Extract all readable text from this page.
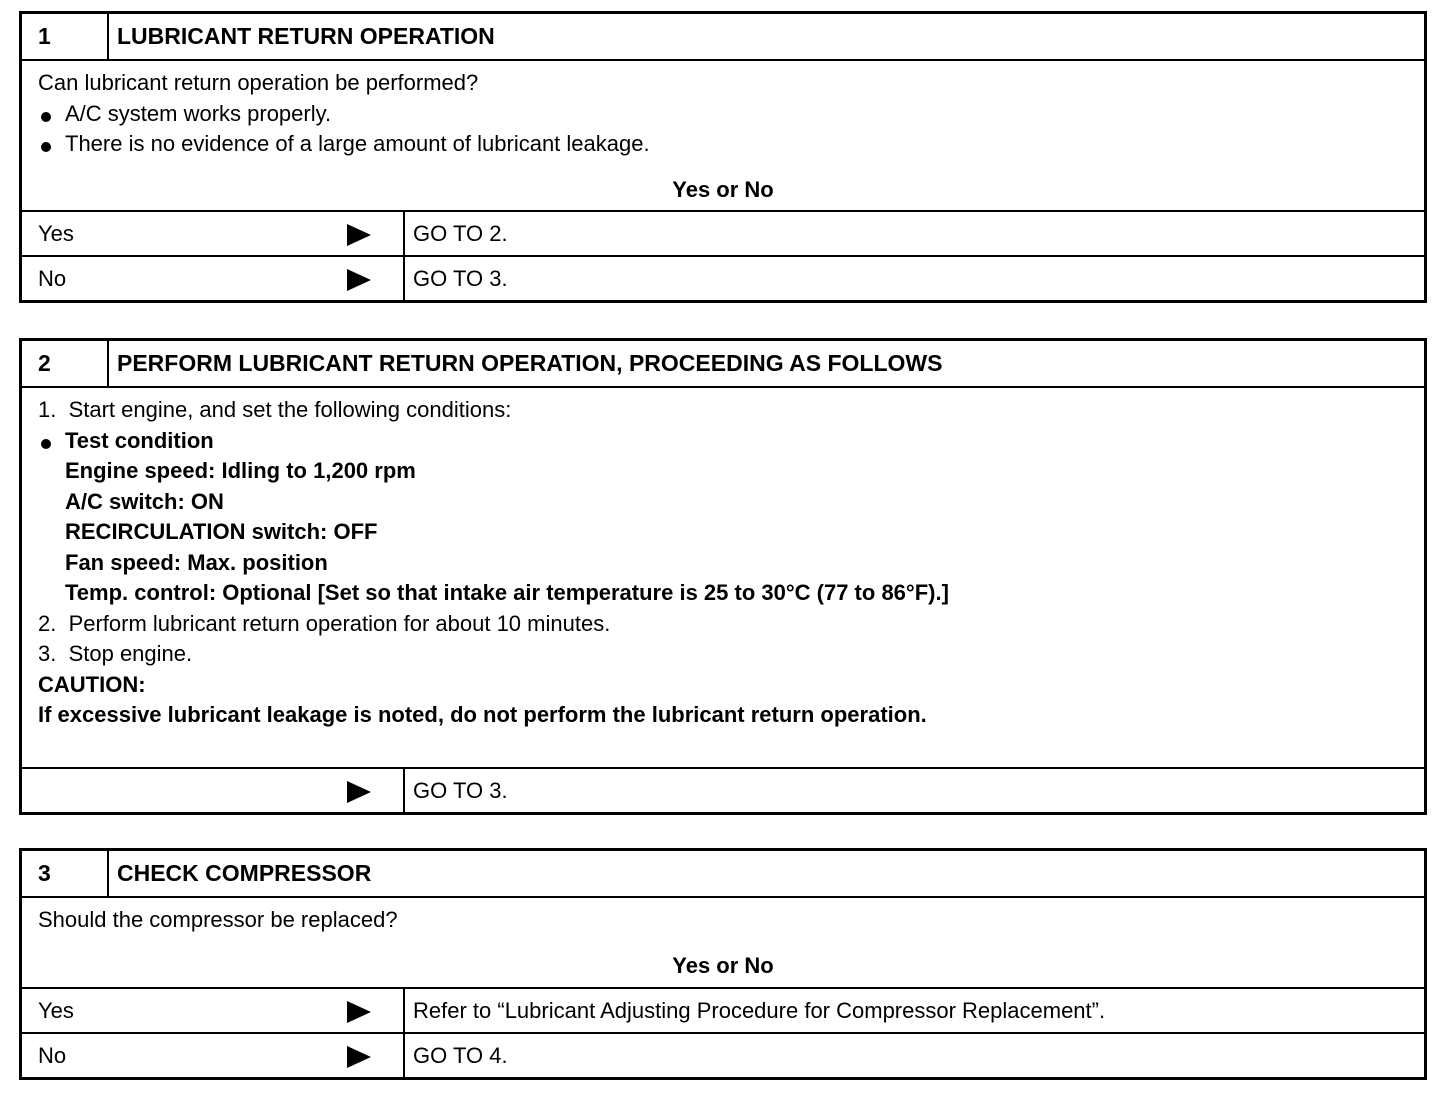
1	LUBRICANT RETURN OPERATION
Can lubricant return operation be performed?
A/C system works properly.
There is no evidence of a large amount of lubricant leakage.
Yes or No
Yes	GO TO 2.
No	GO TO 3.
2	PERFORM LUBRICANT RETURN OPERATION, PROCEEDING AS FOLLOWS
1.  Start engine, and set the following conditions:
Test condition
Engine speed: Idling to 1,200 rpm
A/C switch: ON
RECIRCULATION switch: OFF
Fan speed: Max. position
Temp. control: Optional [Set so that intake air temperature is 25 to 30°C (77 to 86°F).]
2.  Perform lubricant return operation for about 10 minutes.
3.  Stop engine.
CAUTION:
If excessive lubricant leakage is noted, do not perform the lubricant return operation.
GO TO 3.
3	CHECK COMPRESSOR
Should the compressor be replaced?
Yes or No
Yes	Refer to “Lubricant Adjusting Procedure for Compressor Replacement”.
No	GO TO 4.
